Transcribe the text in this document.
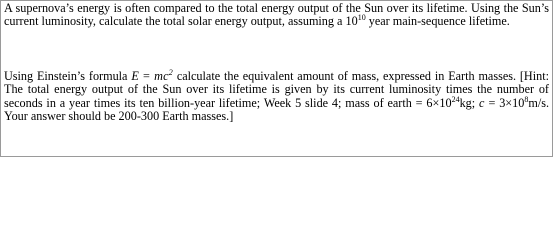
A supernova’s energy is often compared to the total energy output of the Sun over its lifetime. Using the Sun’s current luminosity, calculate the total solar energy output, assuming a $10^{10}$ year main-sequence lifetime.

Using Einstein’s formula $E = mc^2$ calculate the equivalent amount of mass, expressed in Earth masses. [Hint: The total energy output of the Sun over its lifetime is given by its current luminosity times the number of seconds in a year times its ten billion-year lifetime; Week 5 slide 4; mass of earth = $6\times 10^{24}kg$; $c = 3\times 10^8m/s$. Your answer should be 200-300 Earth masses.]
